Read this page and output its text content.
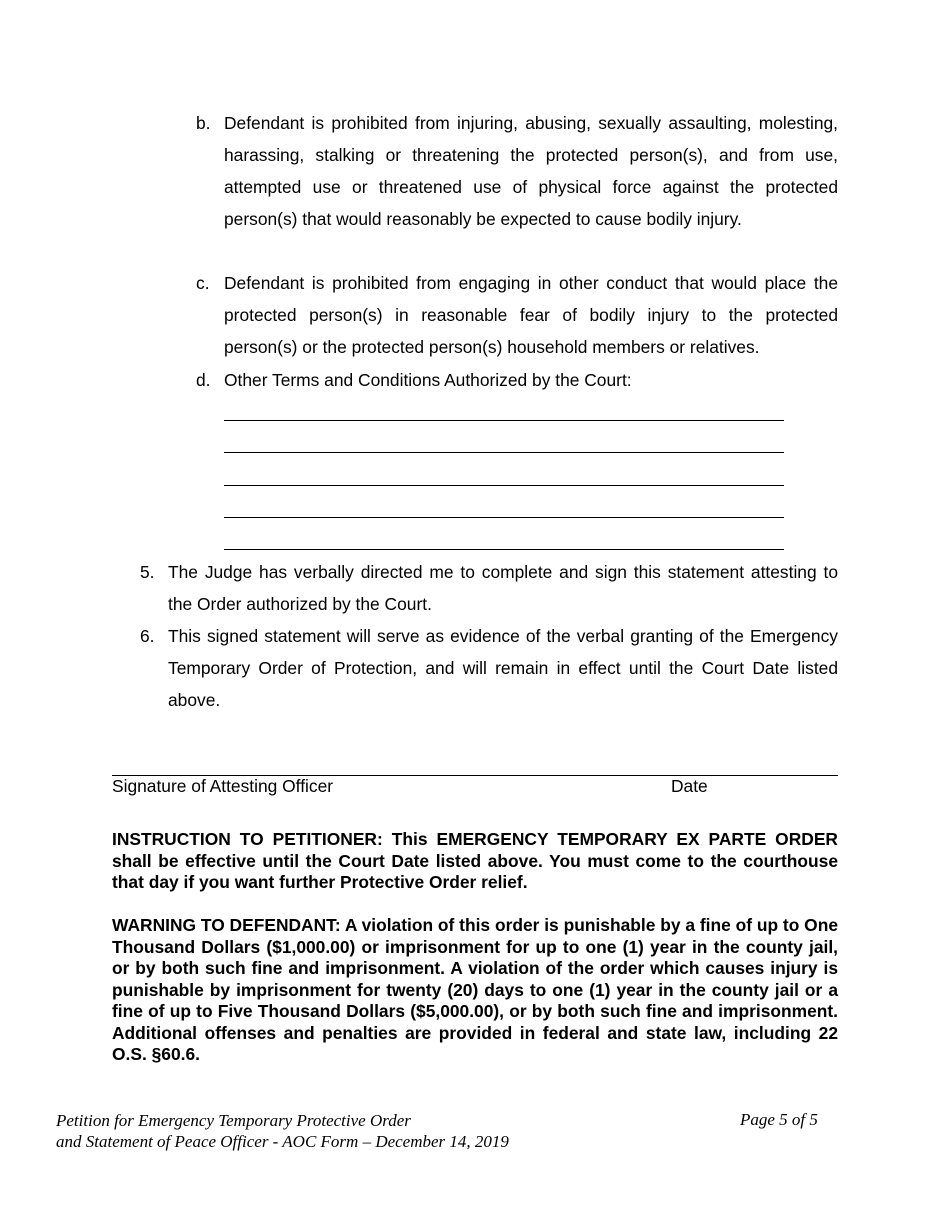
b. Defendant is prohibited from injuring, abusing, sexually assaulting, molesting, harassing, stalking or threatening the protected person(s), and from use, attempted use or threatened use of physical force against the protected person(s) that would reasonably be expected to cause bodily injury.
c. Defendant is prohibited from engaging in other conduct that would place the protected person(s) in reasonable fear of bodily injury to the protected person(s) or the protected person(s) household members or relatives.
d. Other Terms and Conditions Authorized by the Court:
5. The Judge has verbally directed me to complete and sign this statement attesting to the Order authorized by the Court.
6. This signed statement will serve as evidence of the verbal granting of the Emergency Temporary Order of Protection, and will remain in effect until the Court Date listed above.
Signature of Attesting Officer	Date
INSTRUCTION TO PETITIONER: This EMERGENCY TEMPORARY EX PARTE ORDER shall be effective until the Court Date listed above. You must come to the courthouse that day if you want further Protective Order relief.
WARNING TO DEFENDANT: A violation of this order is punishable by a fine of up to One Thousand Dollars ($1,000.00) or imprisonment for up to one (1) year in the county jail, or by both such fine and imprisonment. A violation of the order which causes injury is punishable by imprisonment for twenty (20) days to one (1) year in the county jail or a fine of up to Five Thousand Dollars ($5,000.00), or by both such fine and imprisonment. Additional offenses and penalties are provided in federal and state law, including 22 O.S. §60.6.
Petition for Emergency Temporary Protective Order
and Statement of Peace Officer - AOC Form – December 14, 2019
Page 5 of 5
